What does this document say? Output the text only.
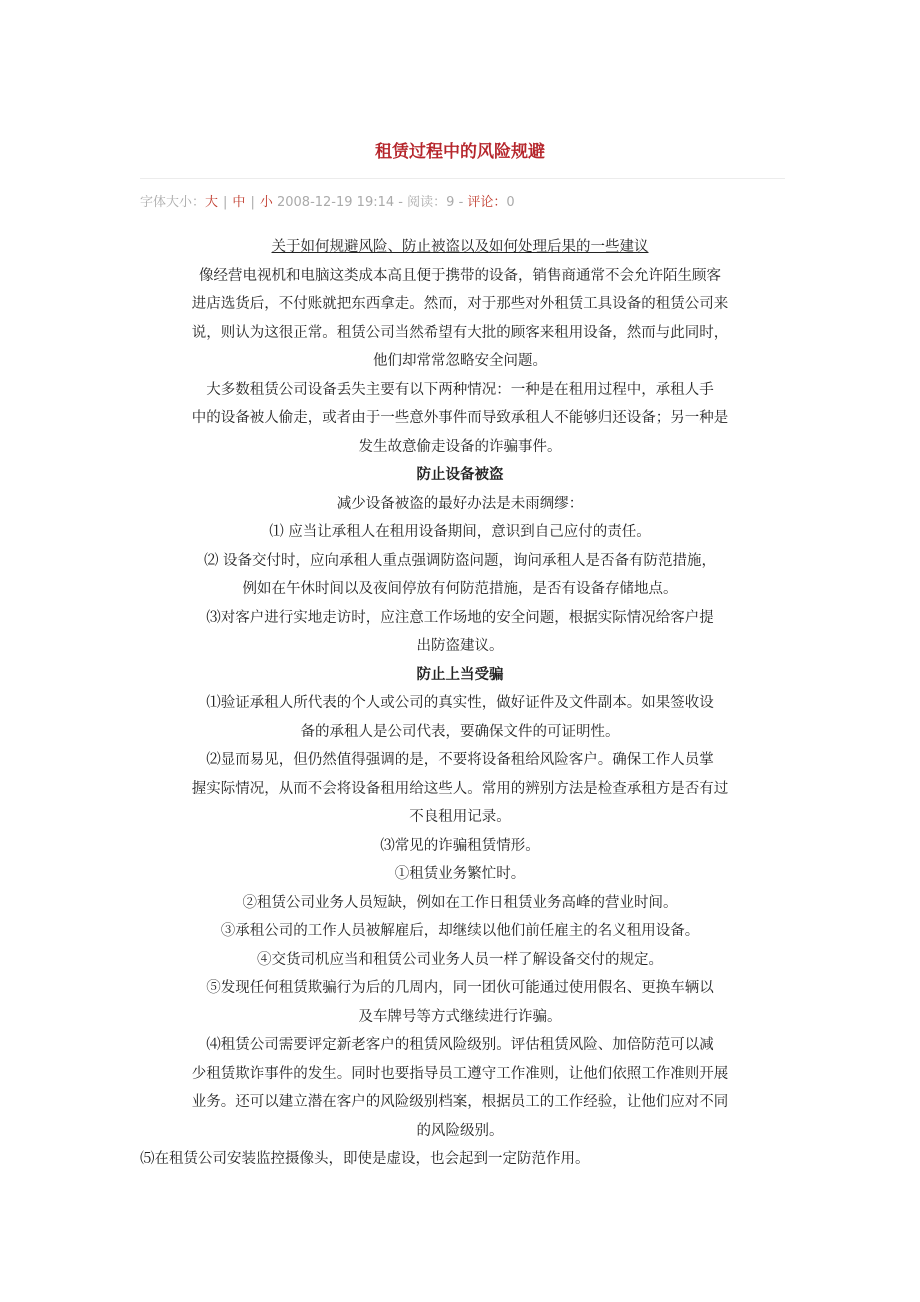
租赁过程中的风险规避
字体大小：大 | 中 | 小 2008-12-19 19:14 - 阅读：9 - 评论：0

关于如何规避风险、防止被盗以及如何处理后果的一些建议

像经营电视机和电脑这类成本高且便于携带的设备，销售商通常不会允许陌生顾客

进店选货后，不付账就把东西拿走。然而，对于那些对外租赁工具设备的租赁公司来

说，则认为这很正常。租赁公司当然希望有大批的顾客来租用设备，然而与此同时，

他们却常常忽略安全问题。

大多数租赁公司设备丢失主要有以下两种情况：一种是在租用过程中，承租人手

中的设备被人偷走，或者由于一些意外事件而导致承租人不能够归还设备；另一种是

发生故意偷走设备的诈骗事件。

防止设备被盗

减少设备被盗的最好办法是未雨绸缪：

⑴ 应当让承租人在租用设备期间，意识到自己应付的责任。

⑵ 设备交付时，应向承租人重点强调防盗问题，询问承租人是否备有防范措施，

例如在午休时间以及夜间停放有何防范措施，是否有设备存储地点。

⑶对客户进行实地走访时，应注意工作场地的安全问题，根据实际情况给客户提

出防盗建议。

防止上当受骗

⑴验证承租人所代表的个人或公司的真实性，做好证件及文件副本。如果签收设

备的承租人是公司代表，要确保文件的可证明性。

⑵显而易见，但仍然值得强调的是，不要将设备租给风险客户。确保工作人员掌

握实际情况，从而不会将设备租用给这些人。常用的辨别方法是检查承租方是否有过

不良租用记录。

⑶常见的诈骗租赁情形。

①租赁业务繁忙时。

②租赁公司业务人员短缺，例如在工作日租赁业务高峰的营业时间。

③承租公司的工作人员被解雇后，却继续以他们前任雇主的名义租用设备。

④交货司机应当和租赁公司业务人员一样了解设备交付的规定。

⑤发现任何租赁欺骗行为后的几周内，同一团伙可能通过使用假名、更换车辆以

及车牌号等方式继续进行诈骗。

⑷租赁公司需要评定新老客户的租赁风险级别。评估租赁风险、加倍防范可以减

少租赁欺诈事件的发生。同时也要指导员工遵守工作准则，让他们依照工作准则开展

业务。还可以建立潜在客户的风险级别档案，根据员工的工作经验，让他们应对不同

的风险级别。

⑸在租赁公司安装监控摄像头，即使是虚设，也会起到一定防范作用。
